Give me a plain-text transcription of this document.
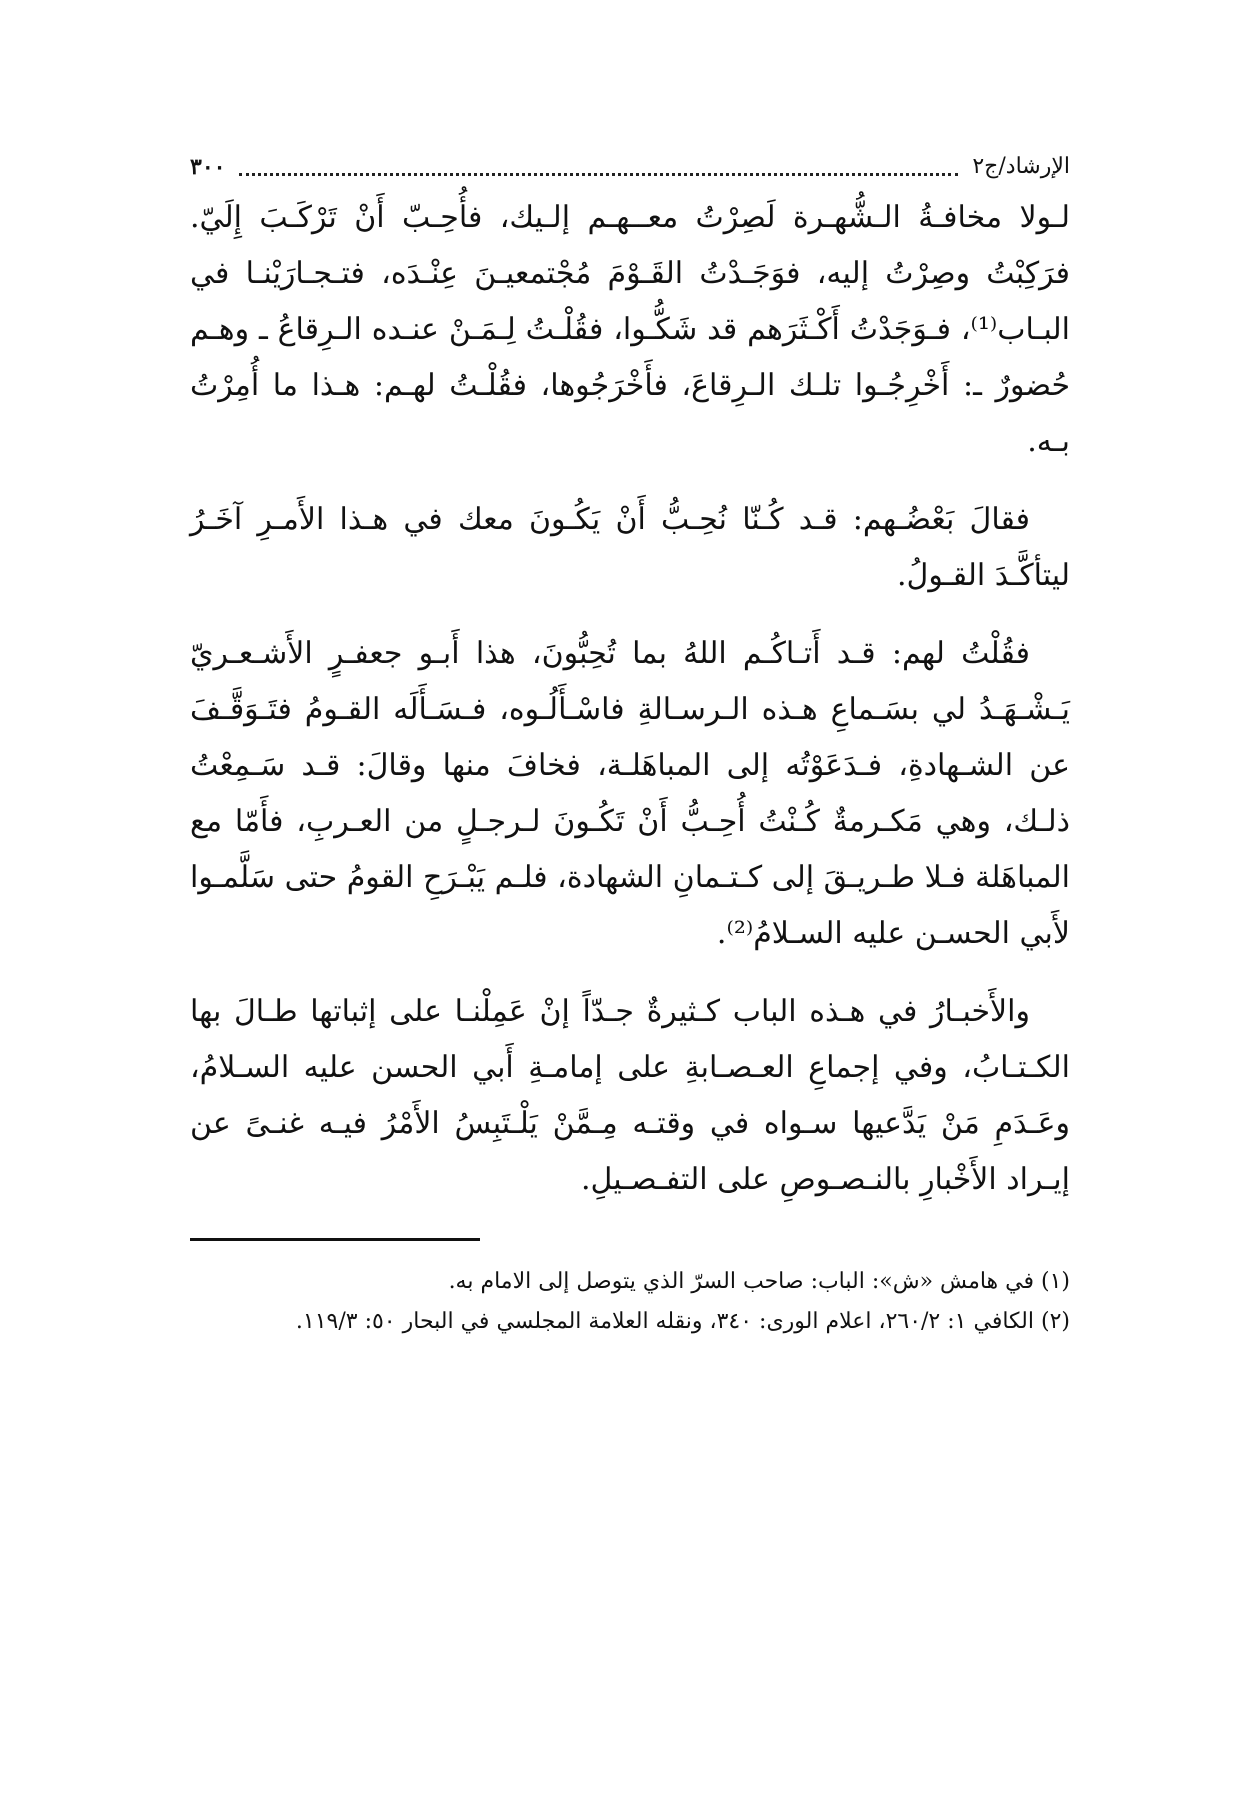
الإرشاد/ج٢
٣٠٠

لـولا مخافـةُ الـشُّهـرة لَصِرْتُ معــهـم إلـيك، فأُحِـبّ أَنْ تَرْكَـبَ إِلَيّ. فرَكِبْتُ وصِرْتُ إليه، فوَجَـدْتُ القَـوْمَ مُجْتمعيـنَ عِنْـدَه، فتـجـارَيْنـا في البـاب⁽¹⁾، فـوَجَدْتُ أَكْـثَرَهم قد شَكُّـوا، فقُلْـتُ لِـمَـنْ عنـده الـرِقاعُ ـ وهـم حُضورٌ ـ: أَخْرِجُـوا تلـك الـرِقاعَ، فأَخْرَجُوها، فقُلْـتُ لهـم: هـذا ما أُمِرْتُ بـه.

فقالَ بَعْضُـهم: قـد كُـنّا نُحِـبُّ أَنْ يَكُـونَ معك في هـذا الأَمـرِ آخَـرُ ليتأكَّـدَ القـولُ.

فقُلْتُ لهم: قـد أَتـاكُـم اللهُ بما تُحِبُّونَ، هذا أَبـو جعفـرٍ الأَشـعـريّ يَـشْـهَـدُ لي بسَـماعِ هـذه الـرسـالةِ فاسْـأَلُـوه، فـسَـأَلَه القـومُ فتَـوَقَّـفَ عن الشـهادةِ، فـدَعَوْتُه إلى المباهَلـة، فخافَ منها وقالَ: قـد سَـمِعْتُ ذلـك، وهي مَكـرمةٌ كُـنْتُ أُحِـبُّ أَنْ تَكُـونَ لـرجـلٍ من العـربِ، فأَمّا مع المباهَلة فـلا طـريـقَ إلى كـتـمانِ الشهادة، فلـم يَبْـرَحِ القومُ حتى سَلَّمـوا لأَبي الحسـن عليه السـلامُ⁽²⁾.

والأَخبـارُ في هـذه الباب كـثيرةٌ جـدّاً إنْ عَمِلْنـا على إثباتها طـالَ بها الكـتـابُ، وفي إجماعِ العـصـابةِ على إمامـةِ أَبي الحسن عليه السـلامُ، وعَـدَمِ مَنْ يَدَّعيها سـواه في وقتـه مِـمَّنْ يَلْـتَبِسُ الأَمْرُ فيـه غنـىً عن إيـراد الأَخْبارِ بالنـصـوصِ على التفـصـيلِ.

(١) في هامش «ش»: الباب: صاحب السرّ الذي يتوصل إلى الامام به.

(٢) الكافي ١: ٢٦٠/٢، اعلام الورى: ٣٤٠، ونقله العلامة المجلسي في البحار ٥٠: ١١٩/٣.
